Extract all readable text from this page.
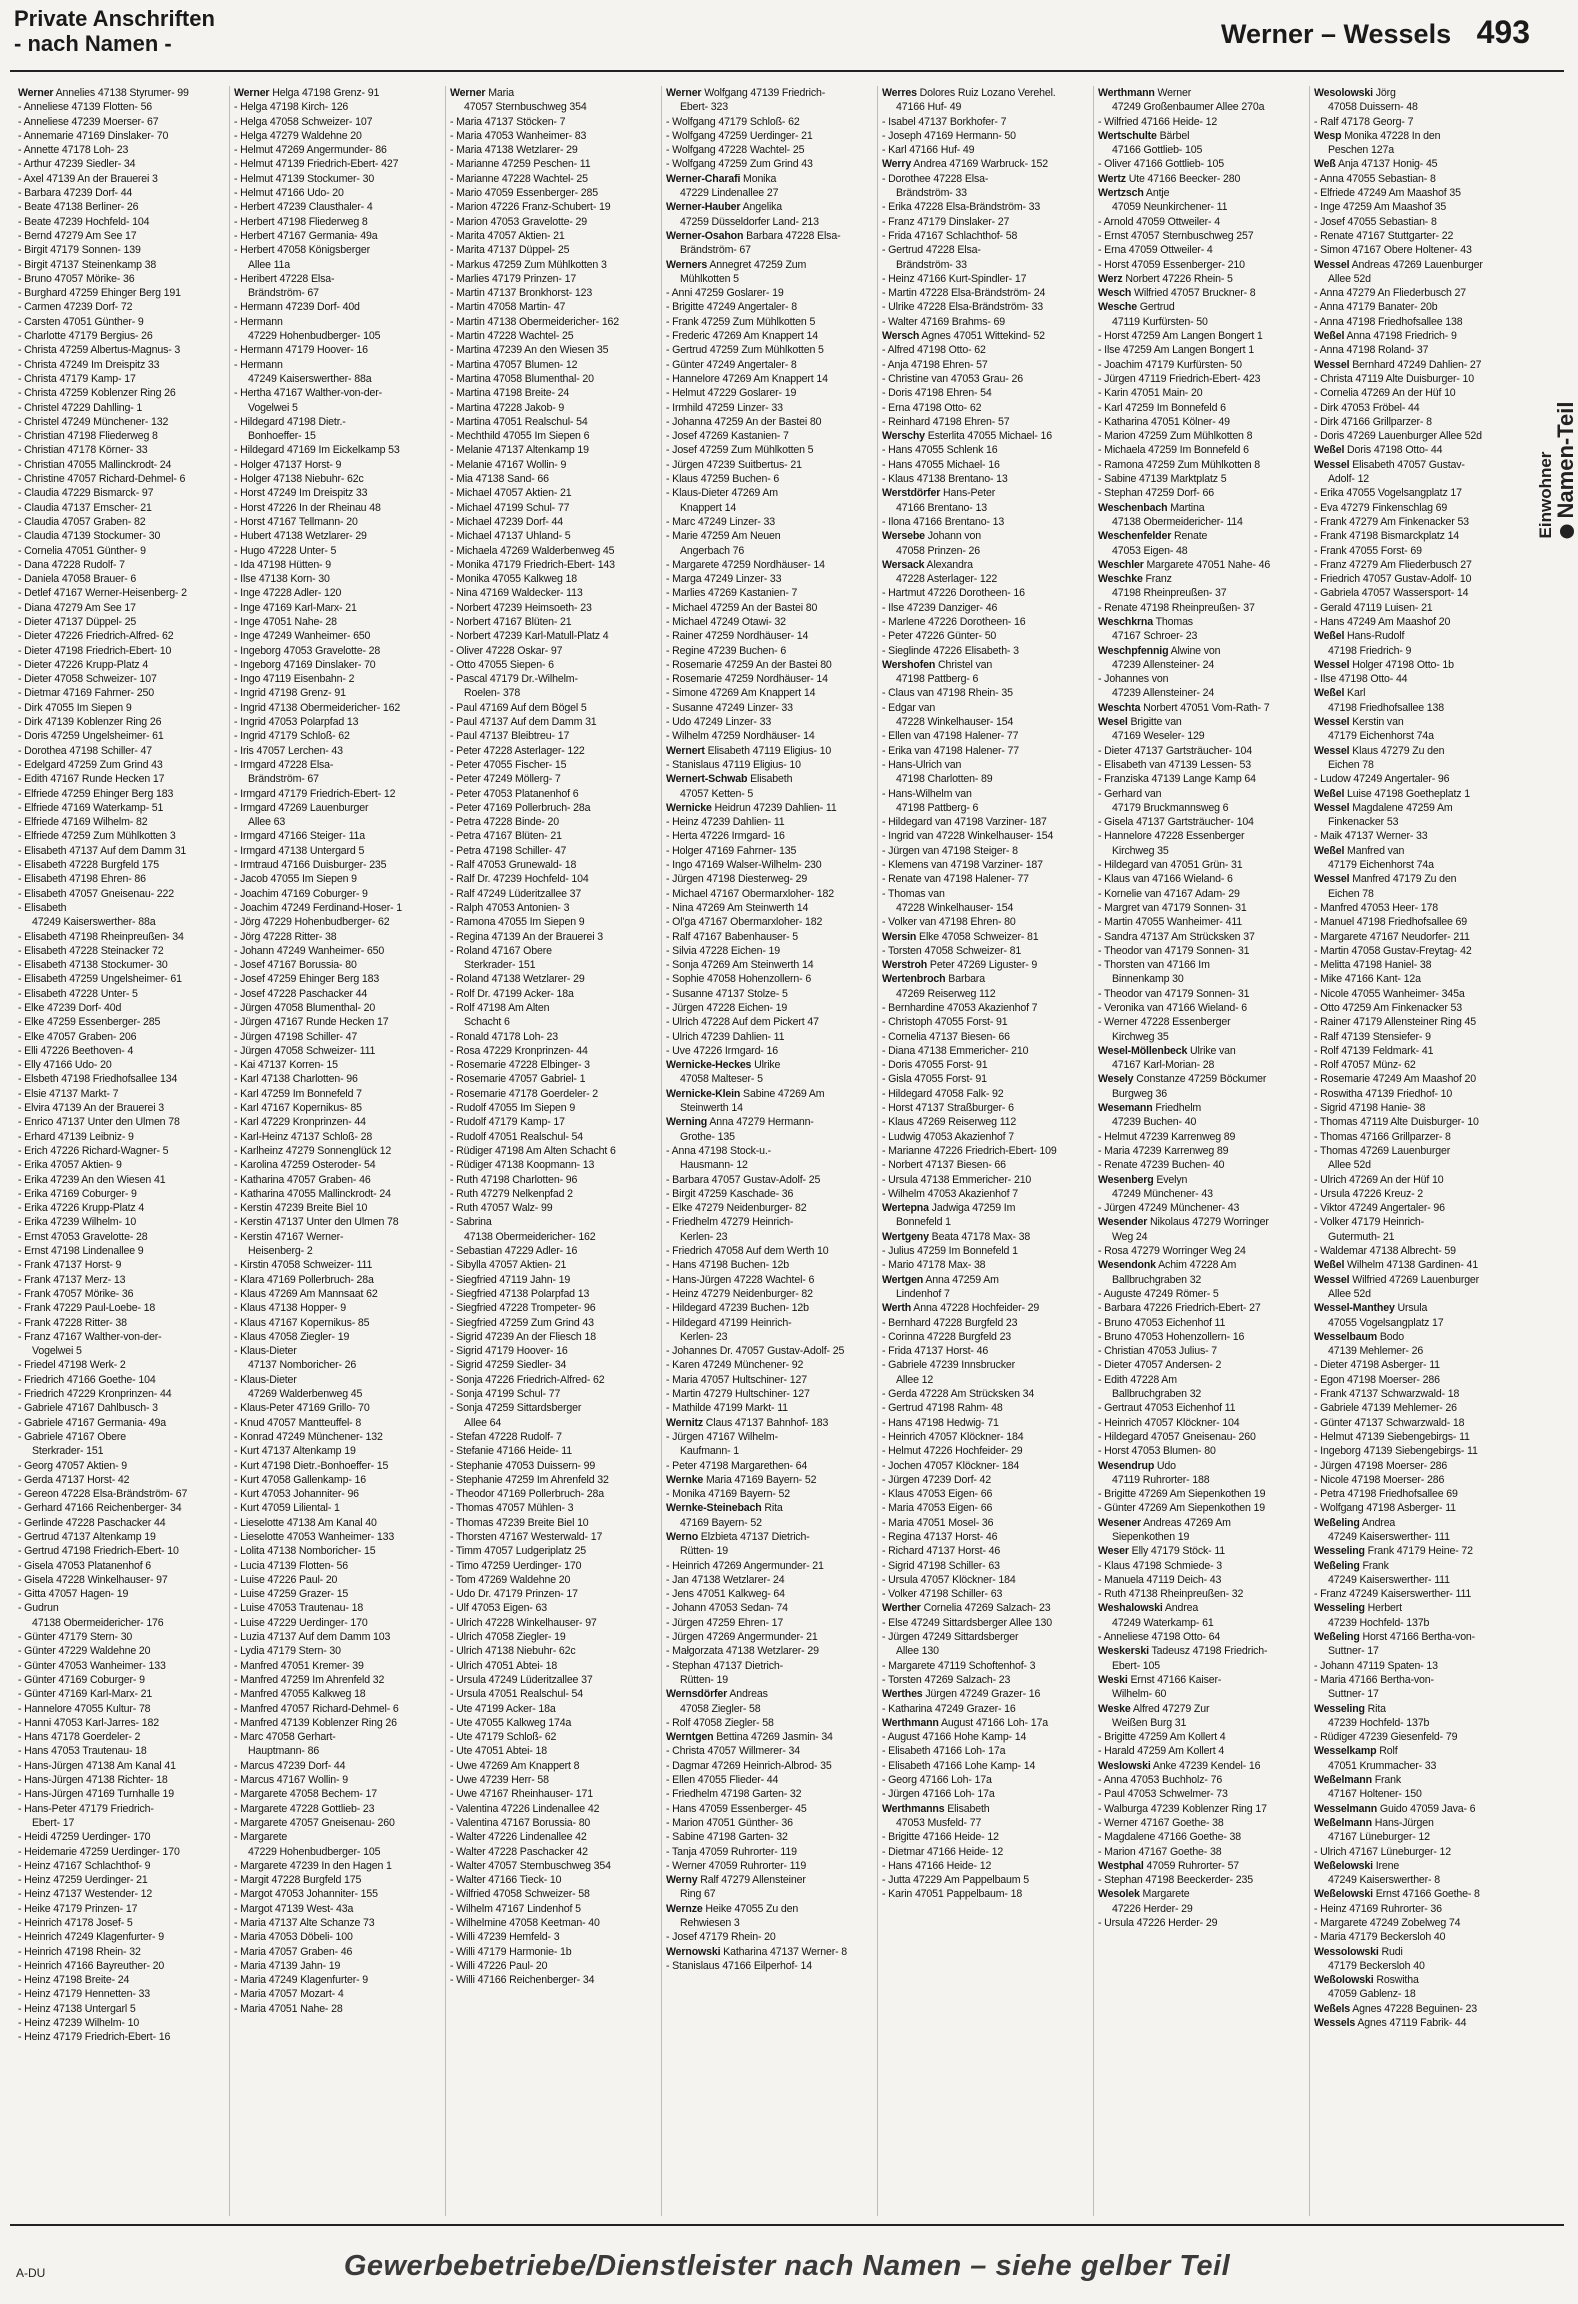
Private Anschriften
- nach Namen -	Werner – Wessels 493
Einwohner
Namen-Teil
Werner Annelies 47138 Styrumer- 99
- Anneliese 47139 Flotten- 56
- Anneliese 47239 Moerser- 67
- Annemarie 47169 Dinslaker- 70
- Annette 47178 Loh- 23
- Arthur 47239 Siedler- 34
- Axel 47139 An der Brauerei 3
- Barbara 47239 Dorf- 44
- Beate 47138 Berliner- 26
- Beate 47239 Hochfeld- 104
- Bernd 47279 Am See 17
- Birgit 47179 Sonnen- 139
- Birgit 47137 Steinenkamp 38
- Bruno 47057 Mörike- 36
- Burghard 47259 Ehinger Berg 191
- Carmen 47239 Dorf- 72
- Carsten 47051 Günther- 9
- Charlotte 47179 Bergius- 26
- Christa 47259 Albertus-Magnus- 3
- Christa 47249 Im Dreispitz 33
- Christa 47179 Kamp- 17
- Christa 47259 Koblenzer Ring 26
- Christel 47229 Dahlling- 1
- Christel 47249 Münchener- 132
- Christian 47198 Fliederweg 8
- Christian 47178 Körner- 33
- Christian 47055 Mallinckrodt- 24
- Christine 47057 Richard-Dehmel- 6
- Claudia 47229 Bismarck- 97
- Claudia 47137 Emscher- 21
- Claudia 47057 Graben- 82
- Claudia 47139 Stockumer- 30
- Cornelia 47051 Günther- 9
- Dana 47228 Rudolf- 7
- Daniela 47058 Brauer- 6
- Detlef 47167 Werner-Heisenberg- 2
- Diana 47279 Am See 17
- Dieter 47137 Düppel- 25
- Dieter 47226 Friedrich-Alfred- 62
- Dieter 47198 Friedrich-Ebert- 10
- Dieter 47226 Krupp-Platz 4
- Dieter 47058 Schweizer- 107
- Dietmar 47169 Fahrner- 250
- Dirk 47055 Im Siepen 9
- Dirk 47139 Koblenzer Ring 26
- Doris 47259 Ungelsheimer- 61
- Dorothea 47198 Schiller- 47
- Edelgard 47259 Zum Grind 43
- Edith 47167 Runde Hecken 17
- Elfriede 47259 Ehinger Berg 183
- Elfriede 47169 Waterkamp- 51
- Elfriede 47169 Wilhelm- 82
- Elfriede 47259 Zum Mühlkotten 3
- Elisabeth 47137 Auf dem Damm 31
- Elisabeth 47228 Burgfeld 175
- Elisabeth 47198 Ehren- 86
- Elisabeth 47057 Gneisenau- 222
- Elisabeth
47249 Kaiserswerther- 88a
- Elisabeth 47198 Rheinpreußen- 34
- Elisabeth 47228 Steinacker 72
- Elisabeth 47138 Stockumer- 30
- Elisabeth 47259 Ungelsheimer- 61
- Elisabeth 47228 Unter- 5
- Elke 47239 Dorf- 40d
- Elke 47259 Essenberger- 285
- Elke 47057 Graben- 206
- Elli 47226 Beethoven- 4
- Elly 47166 Udo- 20
- Elsbeth 47198 Friedhofsallee 134
- Elsie 47137 Markt- 7
- Elvira 47139 An der Brauerei 3
- Enrico 47137 Unter den Ulmen 78
- Erhard 47139 Leibniz- 9
- Erich 47226 Richard-Wagner- 5
- Erika 47057 Aktien- 9
- Erika 47239 An den Wiesen 41
- Erika 47169 Coburger- 9
- Erika 47226 Krupp-Platz 4
- Erika 47239 Wilhelm- 10
- Ernst 47053 Gravelotte- 28
- Ernst 47198 Lindenallee 9
- Frank 47137 Horst- 9
- Frank 47137 Merz- 13
- Frank 47057 Mörike- 36
- Frank 47229 Paul-Loebe- 18
- Frank 47228 Ritter- 38
- Franz 47167 Walther-von-der-
Vogelwei 5
- Friedel 47198 Werk- 2
- Friedrich 47166 Goethe- 104
- Friedrich 47229 Kronprinzen- 44
- Gabriele 47167 Dahlbusch- 3
- Gabriele 47167 Germania- 49a
- Gabriele 47167 Obere
Sterkrader- 151
- Georg 47057 Aktien- 9
- Gerda 47137 Horst- 42
- Gereon 47228 Elsa-Brändström- 67
- Gerhard 47166 Reichenberger- 34
- Gerlinde 47228 Paschacker 44
- Gertrud 47137 Altenkamp 19
- Gertrud 47198 Friedrich-Ebert- 10
- Gisela 47053 Platanenhof 6
- Gisela 47228 Winkelhauser- 97
- Gitta 47057 Hagen- 19
- Gudrun
47138 Obermeidericher- 176
- Günter 47179 Stern- 30
- Günter 47229 Waldehne 20
- Günter 47053 Wanheimer- 133
- Günter 47169 Coburger- 9
- Günter 47169 Karl-Marx- 21
- Hannelore 47055 Kultur- 78
- Hanni 47053 Karl-Jarres- 182
- Hans 47178 Goerdeler- 2
- Hans 47053 Trautenau- 18
- Hans-Jürgen 47138 Am Kanal 41
- Hans-Jürgen 47138 Richter- 18
- Hans-Jürgen 47169 Turnhalle 19
- Hans-Peter 47179 Friedrich-
Ebert- 17
- Heidi 47259 Uerdinger- 170
- Heidemarie 47259 Uerdinger- 170
- Heinz 47167 Schlachthof- 9
- Heinz 47259 Uerdinger- 21
- Heinz 47137 Westender- 12
- Heike 47179 Prinzen- 17
- Heinrich 47178 Josef- 5
- Heinrich 47249 Klagenfurter- 9
- Heinrich 47198 Rhein- 32
- Heinrich 47166 Bayreuther- 20
- Heinz 47198 Breite- 24
- Heinz 47179 Hennetten- 33
- Heinz 47138 Untergarl 5
- Heinz 47239 Wilhelm- 10
- Heinz 47179 Friedrich-Ebert- 16
Werner Helga 47198 Grenz- 91
- Helga 47198 Kirch- 126
- Helga 47058 Schweizer- 107
- Helga 47279 Waldehne 20
- Helmut 47269 Angermunder- 86
- Helmut 47139 Friedrich-Ebert- 427
- Helmut 47139 Stockumer- 30
- Helmut 47166 Udo- 20
- Herbert 47239 Clausthaler- 4
- Herbert 47198 Fliederweg 8
- Herbert 47167 Germania- 49a
- Herbert 47058 Königsberger
Allee 11a
- Heribert 47228 Elsa-
Brändström- 67
- Hermann 47239 Dorf- 40d
- Hermann
47229 Hohenbudberger- 105
- Hermann 47179 Hoover- 16
- Hermann
47249 Kaiserswerther- 88a
- Hertha 47167 Walther-von-der-
Vogelwei 5
- Hildegard 47198 Dietr.-
Bonhoeffer- 15
- Hildegard 47169 Im Eickelkamp 53
- Holger 47137 Horst- 9
- Holger 47138 Niebuhr- 62c
- Horst 47249 Im Dreispitz 33
- Horst 47226 In der Rheinau 48
- Horst 47167 Tellmann- 20
- Hubert 47138 Wetzlarer- 29
- Hugo 47228 Unter- 5
- Ida 47198 Hütten- 9
- Ilse 47138 Korn- 30
- Inge 47228 Adler- 120
- Inge 47169 Karl-Marx- 21
- Inge 47051 Nahe- 28
- Inge 47249 Wanheimer- 650
- Ingeborg 47053 Gravelotte- 28
- Ingeborg 47169 Dinslaker- 70
- Ingo 47119 Eisenbahn- 2
- Ingrid 47198 Grenz- 91
- Ingrid 47138 Obermeidericher- 162
- Ingrid 47053 Polarpfad 13
- Ingrid 47179 Schloß- 62
- Iris 47057 Lerchen- 43
- Irmgard 47228 Elsa-
Brändström- 67
- Irmgard 47179 Friedrich-Ebert- 12
- Irmgard 47269 Lauenburger
Allee 63
- Irmgard 47166 Steiger- 11a
- Irmgard 47138 Untergard 5
- Irmtraud 47166 Duisburger- 235
- Jacob 47055 Im Siepen 9
- Joachim 47169 Coburger- 9
- Joachim 47249 Ferdinand-Hoser- 1
- Jörg 47229 Hohenbudberger- 62
- Jörg 47228 Ritter- 38
- Johann 47249 Wanheimer- 650
- Josef 47167 Borussia- 80
- Josef 47259 Ehinger Berg 183
- Josef 47228 Paschacker 44
- Jürgen 47058 Blumenthal- 20
- Jürgen 47167 Runde Hecken 17
- Jürgen 47198 Schiller- 47
- Jürgen 47058 Schweizer- 111
- Kai 47137 Korren- 15
- Karl 47138 Charlotten- 96
- Karl 47259 Im Bonnefeld 7
- Karl 47167 Kopernikus- 85
- Karl 47229 Kronprinzen- 44
- Karl-Heinz 47137 Schloß- 28
- Karlheinz 47279 Sonnenglück 12
- Karolina 47259 Osteroder- 54
- Katharina 47057 Graben- 46
- Katharina 47055 Mallinckrodt- 24
- Kerstin 47239 Breite Biel 10
- Kerstin 47137 Unter den Ulmen 78
- Kerstin 47167 Werner-
Heisenberg- 2
- Kirstin 47058 Schweizer- 111
- Klara 47169 Pollerbruch- 28a
- Klaus 47269 Am Mannsaat 62
- Klaus 47138 Hopper- 9
- Klaus 47167 Kopernikus- 85
- Klaus 47058 Ziegler- 19
- Klaus-Dieter
47137 Nomboricher- 26
- Klaus-Dieter
47269 Walderbenweg 45
- Klaus-Peter 47169 Grillo- 70
- Knud 47057 Mantteuffel- 8
- Konrad 47249 Münchener- 132
- Kurt 47137 Altenkamp 19
- Kurt 47198 Dietr.-Bonhoeffer- 15
- Kurt 47058 Gallenkamp- 16
- Kurt 47053 Johanniter- 96
- Kurt 47059 Liliental- 1
- Lieselotte 47138 Am Kanal 40
- Lieselotte 47053 Wanheimer- 133
- Lolita 47138 Nomboricher- 15
- Lucia 47139 Flotten- 56
- Luise 47226 Paul- 20
- Luise 47259 Grazer- 15
- Luise 47053 Trautenau- 18
- Luise 47229 Uerdinger- 170
- Luzia 47137 Auf dem Damm 103
- Lydia 47179 Stern- 30
- Manfred 47051 Kremer- 39
- Manfred 47259 Im Ahrenfeld 32
- Manfred 47055 Kalkweg 18
- Manfred 47057 Richard-Dehmel- 6
- Manfred 47139 Koblenzer Ring 26
- Marc 47058 Gerhart-
Hauptmann- 86
- Marcus 47239 Dorf- 44
- Marcus 47167 Wollin- 9
- Margarete 47058 Bechem- 17
- Margarete 47228 Gottlieb- 23
- Margarete 47057 Gneisenau- 260
- Margarete
47229 Hohenbudberger- 105
- Margarete 47239 In den Hagen 1
- Margit 47228 Burgfeld 175
- Margot 47053 Johanniter- 155
- Margot 47139 West- 43a
- Maria 47137 Alte Schanze 73
- Maria 47053 Döbeli- 100
- Maria 47057 Graben- 46
- Maria 47139 Jahn- 19
- Maria 47249 Klagenfurter- 9
- Maria 47057 Mozart- 4
- Maria 47051 Nahe- 28
Werner Maria
47057 Sternbuschweg 354
- Maria 47137 Stöcken- 7
- Maria 47053 Wanheimer- 83
- Maria 47138 Wetzlarer- 29
- Marianne 47259 Peschen- 11
- Marianne 47228 Wachtel- 25
- Mario 47059 Essenberger- 285
- Marion 47226 Franz-Schubert- 19
- Marion 47053 Gravelotte- 29
- Marita 47057 Aktien- 21
- Marita 47137 Düppel- 25
- Markus 47259 Zum Mühlkotten 3
- Marlies 47179 Prinzen- 17
- Martin 47137 Bronkhorst- 123
- Martin 47058 Martin- 47
- Martin 47138 Obermeidericher- 162
- Martin 47228 Wachtel- 25
- Martina 47239 An den Wiesen 35
- Martina 47057 Blumen- 12
- Martina 47058 Blumenthal- 20
- Martina 47198 Breite- 24
- Martina 47228 Jakob- 9
- Martina 47051 Realschul- 54
- Mechthild 47055 Im Siepen 6
- Melanie 47137 Altenkamp 19
- Melanie 47167 Wollin- 9
- Mia 47138 Sand- 66
- Michael 47057 Aktien- 21
- Michael 47199 Schul- 77
- Michael 47239 Dorf- 44
- Michael 47137 Uhland- 5
- Michaela 47269 Walderbenweg 45
- Monika 47179 Friedrich-Ebert- 143
- Monika 47055 Kalkweg 18
- Nina 47169 Waldecker- 113
- Norbert 47239 Heimsoeth- 23
- Norbert 47167 Blüten- 21
- Norbert 47239 Karl-Matull-Platz 4
- Oliver 47228 Oskar- 97
- Otto 47055 Siepen- 6
- Pascal 47179 Dr.-Wilhelm-
Roelen- 378
- Paul 47169 Auf dem Bögel 5
- Paul 47137 Auf dem Damm 31
- Paul 47137 Bleibtreu- 17
- Peter 47228 Asterlager- 122
- Peter 47055 Fischer- 15
- Peter 47249 Möllerg- 7
- Peter 47053 Platanenhof 6
- Peter 47169 Pollerbruch- 28a
- Petra 47228 Binde- 20
- Petra 47167 Blüten- 21
- Petra 47198 Schiller- 47
- Ralf 47053 Grunewald- 18
- Ralf Dr. 47239 Hochfeld- 104
- Ralf 47249 Lüderitzallee 37
- Ralph 47053 Antonien- 3
- Ramona 47055 Im Siepen 9
- Regina 47139 An der Brauerei 3
- Roland 47167 Obere
Sterkrader- 151
- Roland 47138 Wetzlarer- 29
- Rolf Dr. 47199 Acker- 18a
- Rolf 47198 Am Alten
Schacht 6
- Ronald 47178 Loh- 23
- Rosa 47229 Kronprinzen- 44
- Rosemarie 47228 Elbinger- 3
- Rosemarie 47057 Gabriel- 1
- Rosemarie 47178 Goerdeler- 2
- Rudolf 47055 Im Siepen 9
- Rudolf 47179 Kamp- 17
- Rudolf 47051 Realschul- 54
- Rüdiger 47198 Am Alten Schacht 6
- Rüdiger 47138 Koopmann- 13
- Ruth 47198 Charlotten- 96
- Ruth 47279 Nelkenpfad 2
- Ruth 47057 Walz- 99
- Sabrina
47138 Obermeidericher- 162
- Sebastian 47229 Adler- 16
- Sibylla 47057 Aktien- 21
- Siegfried 47119 Jahn- 19
- Siegfried 47138 Polarpfad 13
- Siegfried 47228 Trompeter- 96
- Siegfried 47259 Zum Grind 43
- Sigrid 47239 An der Fliesch 18
- Sigrid 47179 Hoover- 16
- Sigrid 47259 Siedler- 34
- Sonja 47226 Friedrich-Alfred- 62
- Sonja 47199 Schul- 77
- Sonja 47259 Sittardsberger
Allee 64
- Stefan 47228 Rudolf- 7
- Stefanie 47166 Heide- 11
- Stephanie 47053 Duissern- 99
- Stephanie 47259 Im Ahrenfeld 32
- Theodor 47169 Pollerbruch- 28a
- Thomas 47057 Mühlen- 3
- Thomas 47239 Breite Biel 10
- Thorsten 47167 Westerwald- 17
- Timm 47057 Ludgeriplatz 25
- Timo 47259 Uerdinger- 170
- Tom 47269 Waldehne 20
- Udo Dr. 47179 Prinzen- 17
- Ulf 47053 Eigen- 63
- Ulrich 47228 Winkelhauser- 97
- Ulrich 47058 Ziegler- 19
- Ulrich 47138 Niebuhr- 62c
- Ulrich 47051 Abtei- 18
- Ursula 47249 Lüderitzallee 37
- Ursula 47051 Realschul- 54
- Ute 47199 Acker- 18a
- Ute 47055 Kalkweg 174a
- Ute 47179 Schloß- 62
- Ute 47051 Abtei- 18
- Uwe 47269 Am Knappert 8
- Uwe 47239 Herr- 58
- Uwe 47167 Rheinhauser- 171
- Valentina 47226 Lindenallee 42
- Valentina 47167 Borussia- 80
- Walter 47226 Lindenallee 42
- Walter 47228 Paschacker 42
- Walter 47057 Sternbuschweg 354
- Walter 47166 Tieck- 10
- Wilfried 47058 Schweizer- 58
- Wilhelm 47167 Lindenhof 5
- Wilhelmine 47058 Keetman- 40
- Willi 47239 Hemfeld- 3
- Willi 47179 Harmonie- 1b
- Willi 47226 Paul- 20
- Willi 47166 Reichenberger- 34
Werner Wolfgang 47139 Friedrich-
Ebert- 323
- Wolfgang 47179 Schloß- 62
- Wolfgang 47259 Uerdinger- 21
- Wolfgang 47228 Wachtel- 25
- Wolfgang 47259 Zum Grind 43
Werner-Charafi Monika
47229 Lindenallee 27
Werner-Hauber Angelika
47259 Düsseldorfer Land- 213
Werner-Osahon Barbara 47228 Elsa-
Brändström- 67
Werners Annegret 47259 Zum
Mühlkotten 5
- Anni 47259 Goslarer- 19
- Brigitte 47249 Angertaler- 8
- Frank 47259 Zum Mühlkotten 5
- Frederic 47269 Am Knappert 14
- Gertrud 47259 Zum Mühlkotten 5
- Günter 47249 Angertaler- 8
- Hannelore 47269 Am Knappert 14
- Helmut 47229 Goslarer- 19
- Irmhild 47259 Linzer- 33
- Johanna 47259 An der Bastei 80
- Josef 47269 Kastanien- 7
- Josef 47259 Zum Mühlkotten 5
- Jürgen 47239 Suitbertus- 21
- Klaus 47259 Buchen- 6
- Klaus-Dieter 47269 Am
Knappert 14
- Marc 47249 Linzer- 33
- Marie 47259 Am Neuen
Angerbach 76
- Margarete 47259 Nordhäuser- 14
- Marga 47249 Linzer- 33
- Marlies 47269 Kastanien- 7
- Michael 47259 An der Bastei 80
- Michael 47249 Otawi- 32
- Rainer 47259 Nordhäuser- 14
- Regine 47239 Buchen- 6
- Rosemarie 47259 An der Bastei 80
- Rosemarie 47259 Nordhäuser- 14
- Simone 47269 Am Knappert 14
- Susanne 47249 Linzer- 33
- Udo 47249 Linzer- 33
- Wilhelm 47259 Nordhäuser- 14
Wernert Elisabeth 47119 Eligius- 10
- Stanislaus 47119 Eligius- 10
Wernert-Schwab Elisabeth
47057 Ketten- 5
Wernicke Heidrun 47239 Dahlien- 11
- Heinz 47239 Dahlien- 11
- Herta 47226 Irmgard- 16
- Holger 47169 Fahrner- 135
- Ingo 47169 Walser-Wilhelm- 230
- Jürgen 47198 Diesterweg- 29
- Michael 47167 Obermarxloher- 182
- Nina 47269 Am Steinwerth 14
- Ol'ga 47167 Obermarxloher- 182
- Ralf 47167 Babenhauser- 5
- Silvia 47228 Eichen- 19
- Sonja 47269 Am Steinwerth 14
- Sophie 47058 Hohenzollern- 6
- Susanne 47137 Stolze- 5
- Jürgen 47228 Eichen- 19
- Ulrich 47228 Auf dem Pickert 47
- Ulrich 47239 Dahlien- 11
- Uve 47226 Irmgard- 16
Wernicke-Heckes Ulrike
47058 Malteser- 5
Wernicke-Klein Sabine 47269 Am
Steinwerth 14
Werning Anna 47279 Hermann-
Grothe- 135
- Anna 47198 Stock-u.-
Hausmann- 12
- Barbara 47057 Gustav-Adolf- 25
- Birgit 47259 Kaschade- 36
- Elke 47279 Neidenburger- 82
- Friedhelm 47279 Heinrich-
Kerlen- 23
- Friedrich 47058 Auf dem Werth 10
- Hans 47198 Buchen- 12b
- Hans-Jürgen 47228 Wachtel- 6
- Heinz 47279 Neidenburger- 82
- Hildegard 47239 Buchen- 12b
- Hildegard 47199 Heinrich-
Kerlen- 23
- Johannes Dr. 47057 Gustav-Adolf- 25
- Karen 47249 Münchener- 92
- Maria 47057 Hultschiner- 127
- Martin 47279 Hultschiner- 127
- Mathilde 47199 Markt- 11
Wernitz Claus 47137 Bahnhof- 183
- Jürgen 47167 Wilhelm-
Kaufmann- 1
- Peter 47198 Margarethen- 64
Wernke Maria 47169 Bayern- 52
- Monika 47169 Bayern- 52
Wernke-Steinebach Rita
47169 Bayern- 52
Werno Elzbieta 47137 Dietrich-
Rütten- 19
- Heinrich 47269 Angermunder- 21
- Jan 47138 Wetzlarer- 24
- Jens 47051 Kalkweg- 64
- Johann 47053 Sedan- 74
- Jürgen 47259 Ehren- 17
- Jürgen 47269 Angermunder- 21
- Małgorzata 47138 Wetzlarer- 29
- Stephan 47137 Dietrich-
Rütten- 19
Wernsdörfer Andreas
47058 Ziegler- 58
- Rolf 47058 Ziegler- 58
Werntgen Bettina 47269 Jasmin- 34
- Christa 47057 Willmerer- 34
- Dagmar 47269 Heinrich-Albrod- 35
- Ellen 47055 Flieder- 44
- Friedhelm 47198 Garten- 32
- Hans 47059 Essenberger- 45
- Marion 47051 Günther- 36
- Sabine 47198 Garten- 32
- Tanja 47059 Ruhrorter- 119
- Werner 47059 Ruhrorter- 119
Werny Ralf 47279 Allensteiner
Ring 67
Wernze Heike 47055 Zu den
Rehwiesen 3
- Josef 47179 Rhein- 20
Wernowski Katharina 47137 Werner- 8
- Stanislaus 47166 Eilperhof- 14
Werres Dolores Ruiz Lozano Verehel.
47166 Huf- 49
- Isabel 47137 Borkhofer- 7
- Joseph 47169 Hermann- 50
- Karl 47166 Huf- 49
Werry Andrea 47169 Warbruck- 152
- Dorothee 47228 Elsa-
Brändström- 33
- Erika 47228 Elsa-Brändström- 33
- Franz 47179 Dinslaker- 27
- Frida 47167 Schlachthof- 58
- Gertrud 47228 Elsa-
Brändström- 33
- Heinz 47166 Kurt-Spindler- 17
- Martin 47228 Elsa-Brändström- 24
- Ulrike 47228 Elsa-Brändström- 33
- Walter 47169 Brahms- 69
Wersch Agnes 47051 Wittekind- 52
- Alfred 47198 Otto- 62
- Anja 47198 Ehren- 57
- Christine van 47053 Grau- 26
- Doris 47198 Ehren- 54
- Erna 47198 Otto- 62
- Reinhard 47198 Ehren- 57
Werschy Esterlita 47055 Michael- 16
- Hans 47055 Schlenk 16
- Hans 47055 Michael- 16
- Klaus 47138 Brentano- 13
Werstdörfer Hans-Peter
47166 Brentano- 13
- Ilona 47166 Brentano- 13
Wersebe Johann von
47058 Prinzen- 26
Wersack Alexandra
47228 Asterlager- 122
- Hartmut 47226 Dorotheen- 16
- Ilse 47239 Danziger- 46
- Marlene 47226 Dorotheen- 16
- Peter 47226 Günter- 50
- Sieglinde 47226 Elisabeth- 3
Wershofen Christel van
47198 Pattberg- 6
- Claus van 47198 Rhein- 35
- Edgar van
47228 Winkelhauser- 154
- Ellen van 47198 Halener- 77
- Erika van 47198 Halener- 77
- Hans-Ulrich van
47198 Charlotten- 89
- Hans-Wilhelm van
47198 Pattberg- 6
- Hildegard van 47198 Varziner- 187
- Ingrid van 47228 Winkelhauser- 154
- Jürgen van 47198 Steiger- 8
- Klemens van 47198 Varziner- 187
- Renate van 47198 Halener- 77
- Thomas van
47228 Winkelhauser- 154
- Volker van 47198 Ehren- 80
Wersin Elke 47058 Schweizer- 81
- Torsten 47058 Schweizer- 81
Werstroh Peter 47269 Liguster- 9
Wertenbroch Barbara
47269 Reiserweg 112
- Bernhardine 47053 Akazienhof 7
- Christoph 47055 Forst- 91
- Cornelia 47137 Biesen- 66
- Diana 47138 Emmericher- 210
- Doris 47055 Forst- 91
- Gisla 47055 Forst- 91
- Hildegard 47058 Falk- 92
- Horst 47137 Straßburger- 6
- Klaus 47269 Reiserweg 112
- Ludwig 47053 Akazienhof 7
- Marianne 47226 Friedrich-Ebert- 109
- Norbert 47137 Biesen- 66
- Ursula 47138 Emmericher- 210
- Wilhelm 47053 Akazienhof 7
Wertepna Jadwiga 47259 Im
Bonnefeld 1
Wertgeny Beata 47178 Max- 38
- Julius 47259 Im Bonnefeld 1
- Mario 47178 Max- 38
Wertgen Anna 47259 Am
Lindenhof 7
Werth Anna 47228 Hochfeider- 29
- Bernhard 47228 Burgfeld 23
- Corinna 47228 Burgfeld 23
- Frida 47137 Horst- 46
- Gabriele 47239 Innsbrucker
Allee 12
- Gerda 47228 Am Strücksken 34
- Gertrud 47198 Rahm- 48
- Hans 47198 Hedwig- 71
- Heinrich 47057 Klöckner- 184
- Helmut 47226 Hochfeider- 29
- Jochen 47057 Klöckner- 184
- Jürgen 47239 Dorf- 42
- Klaus 47053 Eigen- 66
- Maria 47053 Eigen- 66
- Maria 47051 Mosel- 36
- Regina 47137 Horst- 46
- Richard 47137 Horst- 46
- Sigrid 47198 Schiller- 63
- Ursula 47057 Klöckner- 184
- Volker 47198 Schiller- 63
Werther Cornelia 47269 Salzach- 23
- Else 47249 Sittardsberger Allee 130
- Jürgen 47249 Sittardsberger
Allee 130
- Margarete 47119 Schoftenhof- 3
- Torsten 47269 Salzach- 23
Werthes Jürgen 47249 Grazer- 16
- Katharina 47249 Grazer- 16
Werthmann August 47166 Loh- 17a
- August 47166 Hohe Kamp- 14
- Elisabeth 47166 Loh- 17a
- Elisabeth 47166 Lohe Kamp- 14
- Georg 47166 Loh- 17a
- Jürgen 47166 Loh- 17a
Werthmanns Elisabeth
47053 Musfeld- 77
- Brigitte 47166 Heide- 12
- Dietmar 47166 Heide- 12
- Hans 47166 Heide- 12
- Jutta 47229 Am Pappelbaum 5
- Karin 47051 Pappelbaum- 18
Werthmann Werner
47249 Großenbaumer Allee 270a
- Wilfried 47166 Heide- 12
Wertschulte Bärbel
47166 Gottlieb- 105
- Oliver 47166 Gottlieb- 105
Wertz Ute 47166 Beecker- 280
Wertzsch Antje
47059 Neunkirchener- 11
- Arnold 47059 Ottweiler- 4
- Ernst 47057 Sternbuschweg 257
- Erna 47059 Ottweiler- 4
- Horst 47059 Essenberger- 210
Werz Norbert 47226 Rhein- 5
Wesch Wilfried 47057 Bruckner- 8
Wesche Gertrud
47119 Kurfürsten- 50
- Horst 47259 Am Langen Bongert 1
- Ilse 47259 Am Langen Bongert 1
- Joachim 47179 Kurfürsten- 50
- Jürgen 47119 Friedrich-Ebert- 423
- Karin 47051 Main- 20
- Karl 47259 Im Bonnefeld 6
- Katharina 47051 Kölner- 49
- Marion 47259 Zum Mühlkotten 8
- Michaela 47259 Im Bonnefeld 6
- Ramona 47259 Zum Mühlkotten 8
- Sabine 47139 Marktplatz 5
- Stephan 47259 Dorf- 66
Weschenbach Martina
47138 Obermeidericher- 114
Weschenfelder Renate
47053 Eigen- 48
Weschler Margarete 47051 Nahe- 46
Weschke Franz
47198 Rheinpreußen- 37
- Renate 47198 Rheinpreußen- 37
Weschkrna Thomas
47167 Schroer- 23
Weschpfennig Alwine von
47239 Allensteiner- 24
- Johannes von
47239 Allensteiner- 24
Weschta Norbert 47051 Vom-Rath- 7
Wesel Brigitte van
47169 Weseler- 129
- Dieter 47137 Gartsträucher- 104
- Elisabeth van 47139 Lessen- 53
- Franziska 47139 Lange Kamp 64
- Gerhard van
47179 Bruckmannsweg 6
- Gisela 47137 Gartsträucher- 104
- Hannelore 47228 Essenberger
Kirchweg 35
- Hildegard van 47051 Grün- 31
- Klaus van 47166 Wieland- 6
- Kornelie van 47167 Adam- 29
- Margret van 47179 Sonnen- 31
- Martin 47055 Wanheimer- 411
- Sandra 47137 Am Strücksken 37
- Theodor van 47179 Sonnen- 31
- Thorsten van 47166 Im
Binnenkamp 30
- Theodor van 47179 Sonnen- 31
- Veronika van 47166 Wieland- 6
- Werner 47228 Essenberger
Kirchweg 35
Wesel-Möllenbeck Ulrike van
47167 Karl-Morian- 28
Wesely Constanze 47259 Böckumer
Burgweg 36
Wesemann Friedhelm
47239 Buchen- 40
- Helmut 47239 Karrenweg 89
- Maria 47239 Karrenweg 89
- Renate 47239 Buchen- 40
Wesenberg Evelyn
47249 Münchener- 43
- Jürgen 47249 Münchener- 43
Wesender Nikolaus 47279 Worringer
Weg 24
- Rosa 47279 Worringer Weg 24
Wesendonk Achim 47228 Am
Ballbruchgraben 32
- Auguste 47249 Römer- 5
- Barbara 47226 Friedrich-Ebert- 27
- Bruno 47053 Eichenhof 11
- Bruno 47053 Hohenzollern- 16
- Christian 47053 Julius- 7
- Dieter 47057 Andersen- 2
- Edith 47228 Am
Ballbruchgraben 32
- Gertraut 47053 Eichenhof 11
- Heinrich 47057 Klöckner- 104
- Hildegard 47057 Gneisenau- 260
- Horst 47053 Blumen- 80
Wesendrup Udo
47119 Ruhrorter- 188
- Brigitte 47269 Am Siepenkothen 19
- Günter 47269 Am Siepenkothen 19
Wesener Andreas 47269 Am
Siepenkothen 19
Weser Elly 47179 Stöck- 11
- Klaus 47198 Schmiede- 3
- Manuela 47119 Deich- 43
- Ruth 47138 Rheinpreußen- 32
Weshalowski Andrea
47249 Waterkamp- 61
- Anneliese 47198 Otto- 64
Weskerski Tadeusz 47198 Friedrich-
Ebert- 105
Weski Ernst 47166 Kaiser-
Wilhelm- 60
Weske Alfred 47279 Zur
Weißen Burg 31
- Brigitte 47259 Am Kollert 4
- Harald 47259 Am Kollert 4
Weslowski Anke 47239 Kendel- 16
- Anna 47053 Buchholz- 76
- Paul 47053 Schwelmer- 73
- Walburga 47239 Koblenzer Ring 17
- Werner 47167 Goethe- 38
- Magdalene 47166 Goethe- 38
- Marion 47167 Goethe- 38
Westphal 47059 Ruhrorter- 57
- Stephan 47198 Beeckerder- 235
Wesolek Margarete
47226 Herder- 29
- Ursula 47226 Herder- 29
Wesolowski Jörg
47058 Duissern- 48
- Ralf 47178 Georg- 7
Wesp Monika 47228 In den
Peschen 127a
Weß Anja 47137 Honig- 45
- Anna 47055 Sebastian- 8
- Elfriede 47249 Am Maashof 35
- Inge 47259 Am Maashof 35
- Josef 47055 Sebastian- 8
- Renate 47167 Stuttgarter- 22
- Simon 47167 Obere Holtener- 43
Wessel Andreas 47269 Lauenburger
Allee 52d
- Anna 47279 An Fliederbusch 27
- Anna 47179 Banater- 20b
- Anna 47198 Friedhofsallee 138
Weßel Anna 47198 Friedrich- 9
- Anna 47198 Roland- 37
Wessel Bernhard 47249 Dahlien- 27
- Christa 47119 Alte Duisburger- 10
- Cornelia 47269 An der Hüf 10
- Dirk 47053 Fröbel- 44
- Dirk 47166 Grillparzer- 8
- Doris 47269 Lauenburger Allee 52d
Weßel Doris 47198 Otto- 44
Wessel Elisabeth 47057 Gustav-
Adolf- 12
- Erika 47055 Vogelsangplatz 17
- Eva 47279 Finkenschlag 69
- Frank 47279 Am Finkenacker 53
- Frank 47198 Bismarckplatz 14
- Frank 47055 Forst- 69
- Franz 47279 Am Fliederbusch 27
- Friedrich 47057 Gustav-Adolf- 10
- Gabriela 47057 Wassersport- 14
- Gerald 47119 Luisen- 21
- Hans 47249 Am Maashof 20
Weßel Hans-Rudolf
47198 Friedrich- 9
Wessel Holger 47198 Otto- 1b
- Ilse 47198 Otto- 44
Weßel Karl
47198 Friedhofsallee 138
Wessel Kerstin van
47179 Eichenhorst 74a
Wessel Klaus 47279 Zu den
Eichen 78
- Ludow 47249 Angertaler- 96
Weßel Luise 47198 Goetheplatz 1
Wessel Magdalene 47259 Am
Finkenacker 53
- Maik 47137 Werner- 33
Weßel Manfred van
47179 Eichenhorst 74a
Wessel Manfred 47179 Zu den
Eichen 78
- Manfred 47053 Heer- 178
- Manuel 47198 Friedhofsallee 69
- Margarete 47167 Neudorfer- 211
- Martin 47058 Gustav-Freytag- 42
- Melitta 47198 Haniel- 38
- Mike 47166 Kant- 12a
- Nicole 47055 Wanheimer- 345a
- Otto 47259 Am Finkenacker 53
- Rainer 47179 Allensteiner Ring 45
- Ralf 47139 Stensiefer- 9
- Rolf 47139 Feldmark- 41
- Rolf 47057 Münz- 62
- Rosemarie 47249 Am Maashof 20
- Roswitha 47139 Friedhof- 10
- Sigrid 47198 Hanie- 38
- Thomas 47119 Alte Duisburger- 10
- Thomas 47166 Grillparzer- 8
- Thomas 47269 Lauenburger
Allee 52d
- Ulrich 47269 An der Hüf 10
- Ursula 47226 Kreuz- 2
- Viktor 47249 Angertaler- 96
- Volker 47179 Heinrich-
Gutermuth- 21
- Waldemar 47138 Albrecht- 59
Weßel Wilhelm 47138 Gardinen- 41
Wessel Wilfried 47269 Lauenburger
Allee 52d
Wessel-Manthey Ursula
47055 Vogelsangplatz 17
Wesselbaum Bodo
47139 Mehlemer- 26
- Dieter 47198 Asberger- 11
- Egon 47198 Moerser- 286
- Frank 47137 Schwarzwald- 18
- Gabriele 47139 Mehlemer- 26
- Günter 47137 Schwarzwald- 18
- Helmut 47139 Siebengebirgs- 11
- Ingeborg 47139 Siebengebirgs- 11
- Jürgen 47198 Moerser- 286
- Nicole 47198 Moerser- 286
- Petra 47198 Friedhofsallee 69
- Wolfgang 47198 Asberger- 11
Weßeling Andrea
47249 Kaiserswerther- 111
Wesseling Frank 47179 Heine- 72
Weßeling Frank
47249 Kaiserswerther- 111
- Franz 47249 Kaiserswerther- 111
Wesseling Herbert
47239 Hochfeld- 137b
Weßeling Horst 47166 Bertha-von-
Suttner- 17
- Johann 47119 Spaten- 13
- Maria 47166 Bertha-von-
Suttner- 17
Wesseling Rita
47239 Hochfeld- 137b
- Rüdiger 47239 Giesenfeld- 79
Wesselkamp Rolf
47051 Krummacher- 33
Weßelmann Frank
47167 Holtener- 150
Wesselmann Guido 47059 Java- 6
Weßelmann Hans-Jürgen
47167 Lüneburger- 12
- Ulrich 47167 Lüneburger- 12
Weßelowski Irene
47249 Kaiserswerther- 8
Weßelowski Ernst 47166 Goethe- 8
- Heinz 47169 Ruhrorter- 36
- Margarete 47249 Zobelweg 74
- Maria 47179 Beckersloh 40
Wessolowski Rudi
47179 Beckersloh 40
Weßolowski Roswitha
47059 Gablenz- 18
Weßels Agnes 47228 Beguinen- 23
Wessels Agnes 47119 Fabrik- 44
A-DU	Gewerbebetriebe/Dienstleister nach Namen – siehe gelber Teil
